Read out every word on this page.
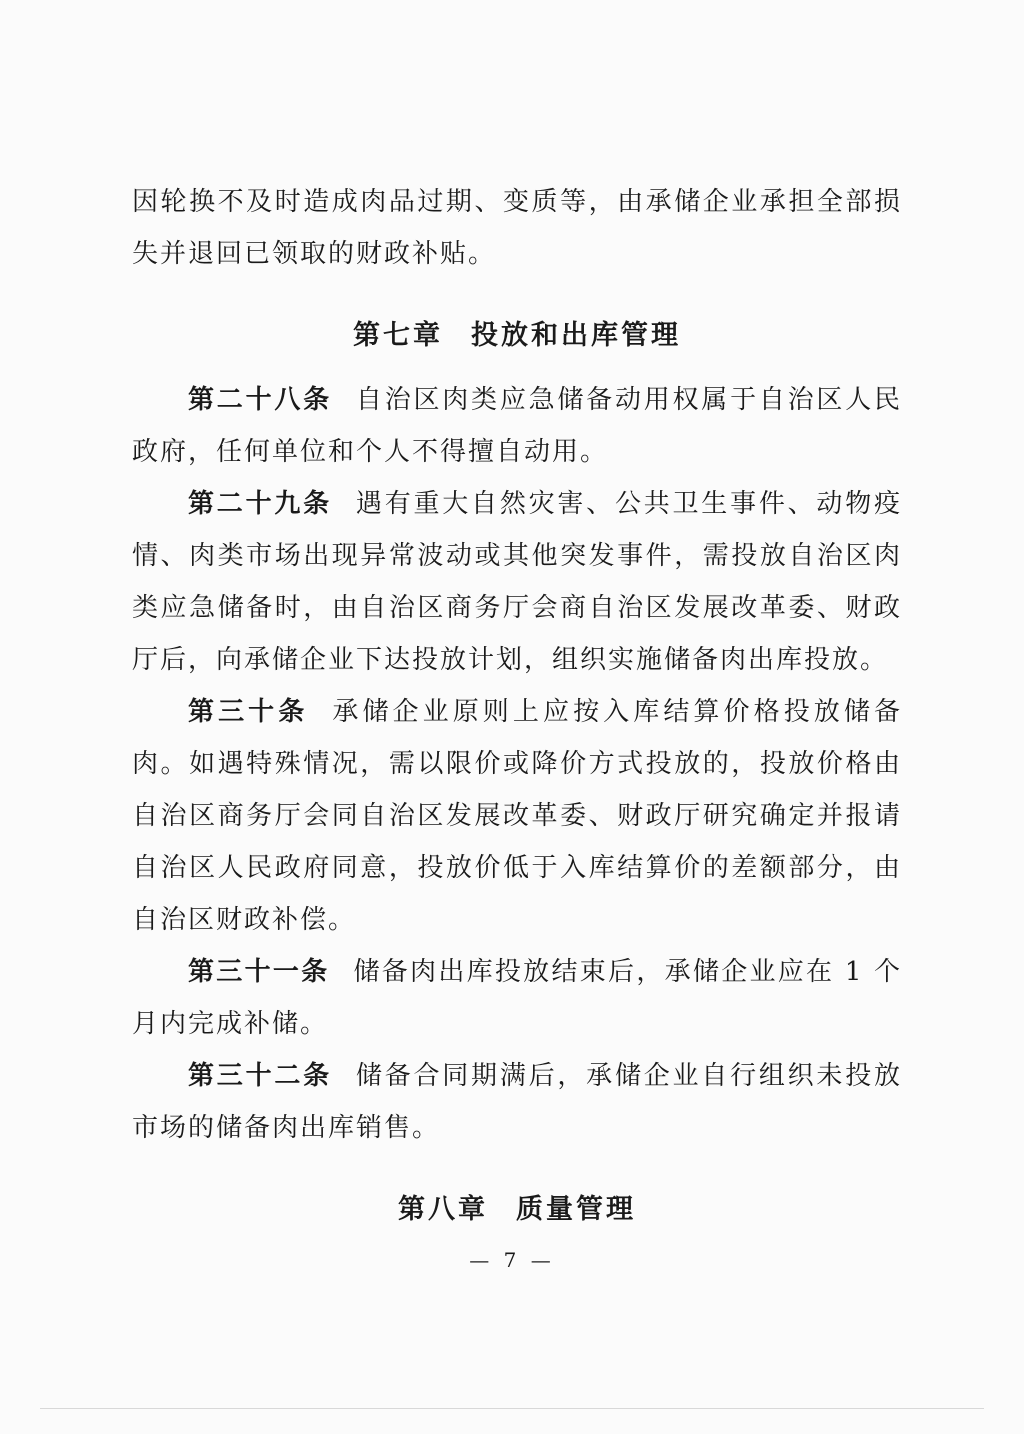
因轮换不及时造成肉品过期、变质等，由承储企业承担全部损失并退回已领取的财政补贴。

第七章 投放和出库管理

第二十八条 自治区肉类应急储备动用权属于自治区人民政府，任何单位和个人不得擅自动用。

第二十九条 遇有重大自然灾害、公共卫生事件、动物疫情、肉类市场出现异常波动或其他突发事件，需投放自治区肉类应急储备时，由自治区商务厅会商自治区发展改革委、财政厅后，向承储企业下达投放计划，组织实施储备肉出库投放。

第三十条 承储企业原则上应按入库结算价格投放储备肉。如遇特殊情况，需以限价或降价方式投放的，投放价格由自治区商务厅会同自治区发展改革委、财政厅研究确定并报请自治区人民政府同意，投放价低于入库结算价的差额部分，由自治区财政补偿。

第三十一条 储备肉出库投放结束后，承储企业应在 1 个月内完成补储。

第三十二条 储备合同期满后，承储企业自行组织未投放市场的储备肉出库销售。

第八章 质量管理
— 7 —
